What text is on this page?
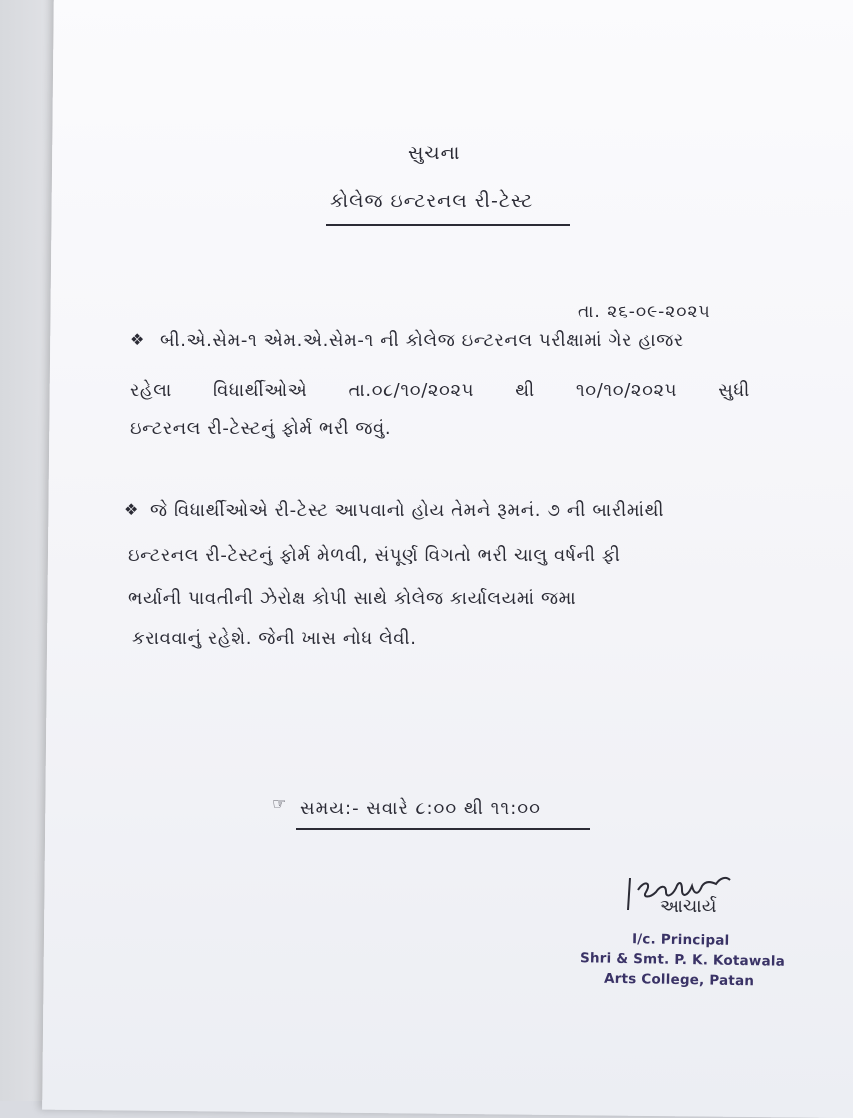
સુચના
કોલેજ ઇન્ટરનલ રી-ટેસ્ટ
તા. ૨૬-૦૯-૨૦૨૫
❖ બી.એ.સેમ-૧ એમ.એ.સેમ-૧ ની કોલેજ ઇન્ટરનલ પરીક્ષામાં ગેર હાજર
રહેલા વિધાર્થીઓએ તા.૦૮/૧૦/૨૦૨૫ થી ૧૦/૧૦/૨૦૨૫ સુધી
ઇન્ટરનલ રી-ટેસ્ટનું ફોર્મ ભરી જવું.
❖ જે વિધાર્થીઓએ રી-ટેસ્ટ આપવાનો હોય તેમને રૂમનં. ૭ ની બારીમાંથી
ઇન્ટરનલ રી-ટેસ્ટનું ફોર્મ મેળવી, સંપૂર્ણ વિગતો ભરી ચાલુ વર્ષની ફી
ભર્યાની પાવતીની ઝેરોક્ષ કોપી સાથે કોલેજ કાર્યાલયમાં જમા
કરાવવાનું રહેશે. જેની ખાસ નોધ લેવી.
☞ સમય:- સવારે ૮:૦૦ થી ૧૧:૦૦
આચાર્ય
I/c. Principal
Shri & Smt. P. K. Kotawala
Arts College, Patan
